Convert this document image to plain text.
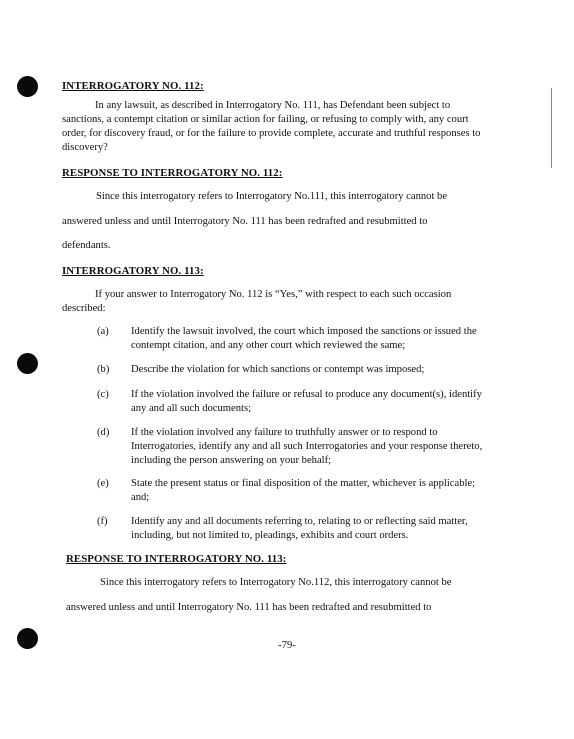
INTERROGATORY NO. 112:
In any lawsuit, as described in Interrogatory No. 111, has Defendant been subject to sanctions, a contempt citation or similar action for failing, or refusing to comply with, any court order, for discovery fraud, or for the failure to provide complete, accurate and truthful responses to discovery?
RESPONSE TO INTERROGATORY NO. 112:
Since this interrogatory refers to Interrogatory No.111, this interrogatory cannot be
answered unless and until Interrogatory No. 111 has been redrafted and resubmitted to
defendants.
INTERROGATORY NO. 113:
If your answer to Interrogatory No. 112 is “Yes,” with respect to each such occasion described:
(a) Identify the lawsuit involved, the court which imposed the sanctions or issued the contempt citation, and any other court which reviewed the same;
(b) Describe the violation for which sanctions or contempt was imposed;
(c) If the violation involved the failure or refusal to produce any document(s), identify any and all such documents;
(d) If the violation involved any failure to truthfully answer or to respond to Interrogatories, identify any and all such Interrogatories and your response thereto, including the person answering on your behalf;
(e) State the present status or final disposition of the matter, whichever is applicable; and;
(f) Identify any and all documents referring to, relating to or reflecting said matter, including, but not limited to, pleadings, exhibits and court orders.
RESPONSE TO INTERROGATORY NO. 113:
Since this interrogatory refers to Interrogatory No.112, this interrogatory cannot be
answered unless and until Interrogatory No. 111 has been redrafted and resubmitted to
-79-
